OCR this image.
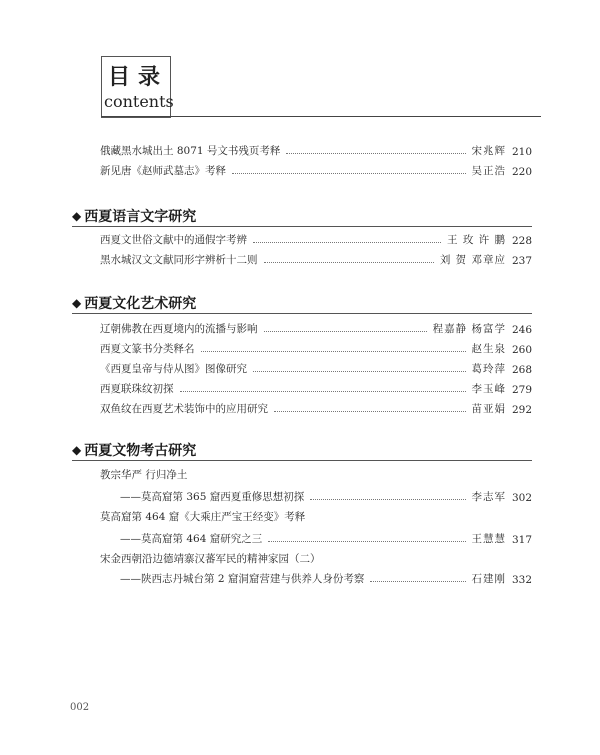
目录
contents
俄藏黑水城出土 8071 号文书残页考释	宋兆辉 210
新见唐《赵师武墓志》考释	吴正浩 220
◆ 西夏语言文字研究
西夏文世俗文献中的通假字考辨	王 玫 许 鹏 228
黑水城汉文文献同形字辨析十二则	刘 贺 邓章应 237
◆ 西夏文化艺术研究
辽朝佛教在西夏境内的流播与影响	程嘉静 杨富学 246
西夏文篆书分类释名	赵生泉 260
《西夏皇帝与侍从图》图像研究	葛玲萍 268
西夏联珠纹初探	李玉峰 279
双鱼纹在西夏艺术装饰中的应用研究	苗亚娟 292
◆ 西夏文物考古研究
教宗华严 行归净土
——莫高窟第 365 窟西夏重修思想初探	李志军 302
莫高窟第 464 窟《大乘庄严宝王经变》考释
——莫高窟第 464 窟研究之三	王慧慧 317
宋金西朝沿边德靖寨汉蕃军民的精神家园（二）
——陕西志丹城台第 2 窟洞窟营建与供养人身份考察	石建刚 332
002
